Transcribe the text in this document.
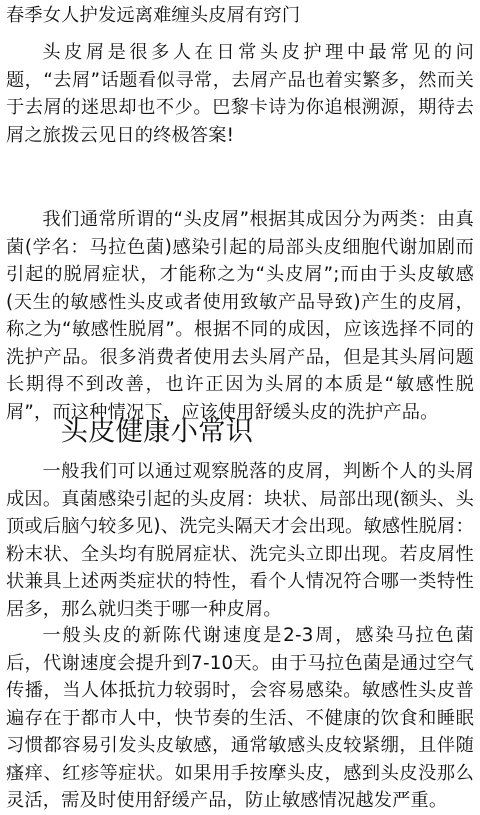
春季女人护发远离难缠头皮屑有窍门

头皮屑是很多人在日常头皮护理中最常见的问题，“去屑”话题看似寻常，去屑产品也着实繁多，然而关于去屑的迷思却也不少。巴黎卡诗为你追根溯源，期待去屑之旅拨云见日的终极答案!

我们通常所谓的“头皮屑”根据其成因分为两类：由真菌(学名：马拉色菌)感染引起的局部头皮细胞代谢加剧而引起的脱屑症状，才能称之为“头皮屑”;而由于头皮敏感(天生的敏感性头皮或者使用致敏产品导致)产生的皮屑，称之为“敏感性脱屑”。根据不同的成因，应该选择不同的洗护产品。很多消费者使用去头屑产品，但是其头屑问题长期得不到改善，也许正因为头屑的本质是“敏感性脱屑”，而这种情况下，应该使用舒缓头皮的洗护产品。

头皮健康小常识

一般我们可以通过观察脱落的皮屑，判断个人的头屑成因。真菌感染引起的头皮屑：块状、局部出现(额头、头顶或后脑勺较多见)、洗完头隔天才会出现。敏感性脱屑：粉末状、全头均有脱屑症状、洗完头立即出现。若皮屑性状兼具上述两类症状的特性，看个人情况符合哪一类特性居多，那么就归类于哪一种皮屑。

一般头皮的新陈代谢速度是2-3周，感染马拉色菌后，代谢速度会提升到7-10天。由于马拉色菌是通过空气传播，当人体抵抗力较弱时，会容易感染。敏感性头皮普遍存在于都市人中，快节奏的生活、不健康的饮食和睡眠习惯都容易引发头皮敏感，通常敏感头皮较紧绷，且伴随瘙痒、红疹等症状。如果用手按摩头皮，感到头皮没那么灵活，需及时使用舒缓产品，防止敏感情况越发严重。
